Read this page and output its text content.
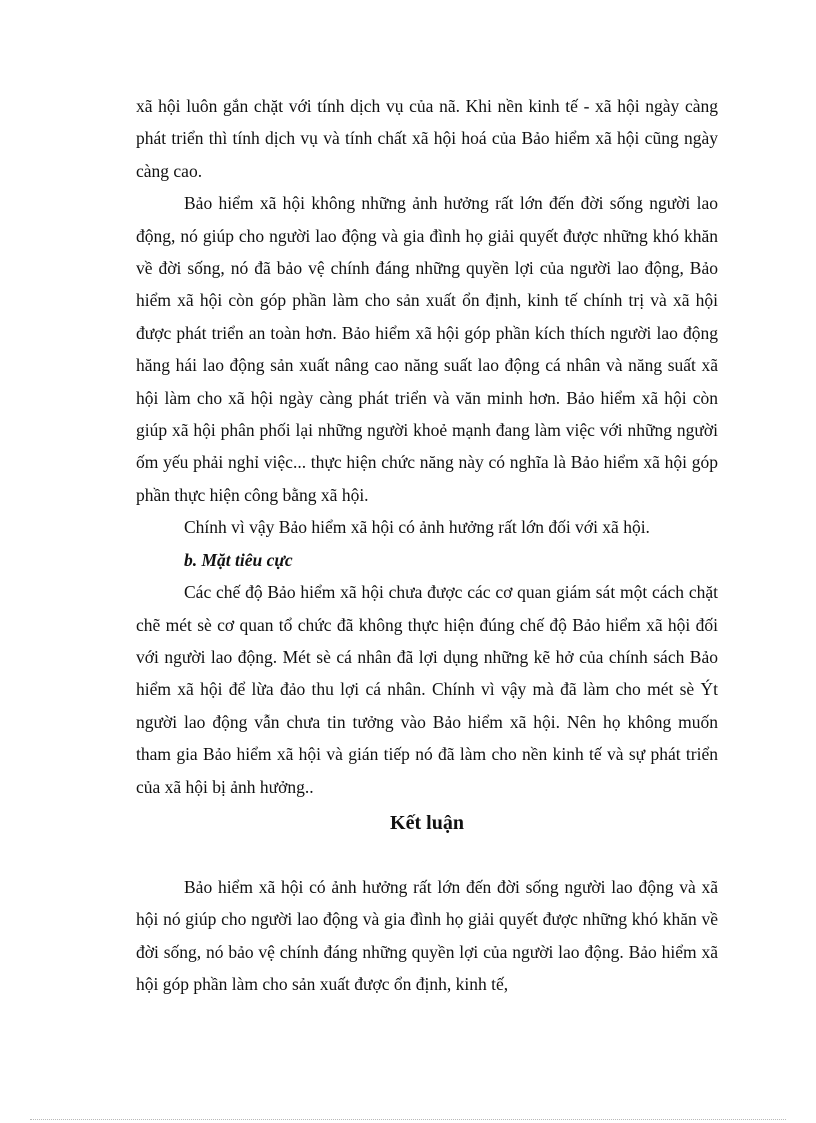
xã hội luôn gắn chặt với tính dịch vụ của nã. Khi nền kinh tế - xã hội ngày càng phát triển thì tính dịch vụ và tính chất xã hội hoá của Bảo hiểm xã hội cũng ngày càng cao.

Bảo hiểm xã hội không những ảnh hưởng rất lớn đến đời sống người lao động, nó giúp cho người lao động và gia đình họ giải quyết được những khó khăn về đời sống, nó đã bảo vệ chính đáng những quyền lợi của người lao động, Bảo hiểm xã hội còn góp phần làm cho sản xuất ổn định, kinh tế chính trị và xã hội được phát triển an toàn hơn. Bảo hiểm xã hội góp phần kích thích người lao động hăng hái lao động sản xuất nâng cao năng suất lao động cá nhân và năng suất xã hội làm cho xã hội ngày càng phát triển và văn minh hơn. Bảo hiểm xã hội còn giúp xã hội phân phối lại những người khoẻ mạnh đang làm việc với những người ốm yếu phải nghỉ việc... thực hiện chức năng này có nghĩa là Bảo hiểm xã hội góp phần thực hiện công bằng xã hội.

Chính vì vậy Bảo hiểm xã hội có ảnh hưởng rất lớn đối với xã hội.

b. Mặt tiêu cực

Các chế độ Bảo hiểm xã hội chưa được các cơ quan giám sát một cách chặt chẽ mét sè cơ quan tổ chức đã không thực hiện đúng chế độ Bảo hiểm xã hội đối với người lao động. Mét sè cá nhân đã lợi dụng những kẽ hở của chính sách Bảo hiểm xã hội để lừa đảo thu lợi cá nhân. Chính vì vậy mà đã làm cho mét sè Ýt người lao động vẫn chưa tin tưởng vào Bảo hiểm xã hội. Nên họ không muốn tham gia Bảo hiểm xã hội và gián tiếp nó đã làm cho nền kinh tế và sự phát triển của xã hội bị ảnh hưởng..

Kết luận

Bảo hiểm xã hội có ảnh hưởng rất lớn đến đời sống người lao động và xã hội nó giúp cho người lao động và gia đình họ giải quyết được những khó khăn về đời sống, nó bảo vệ chính đáng những quyền lợi của người lao động. Bảo hiểm xã hội góp phần làm cho sản xuất được ổn định, kinh tế,
